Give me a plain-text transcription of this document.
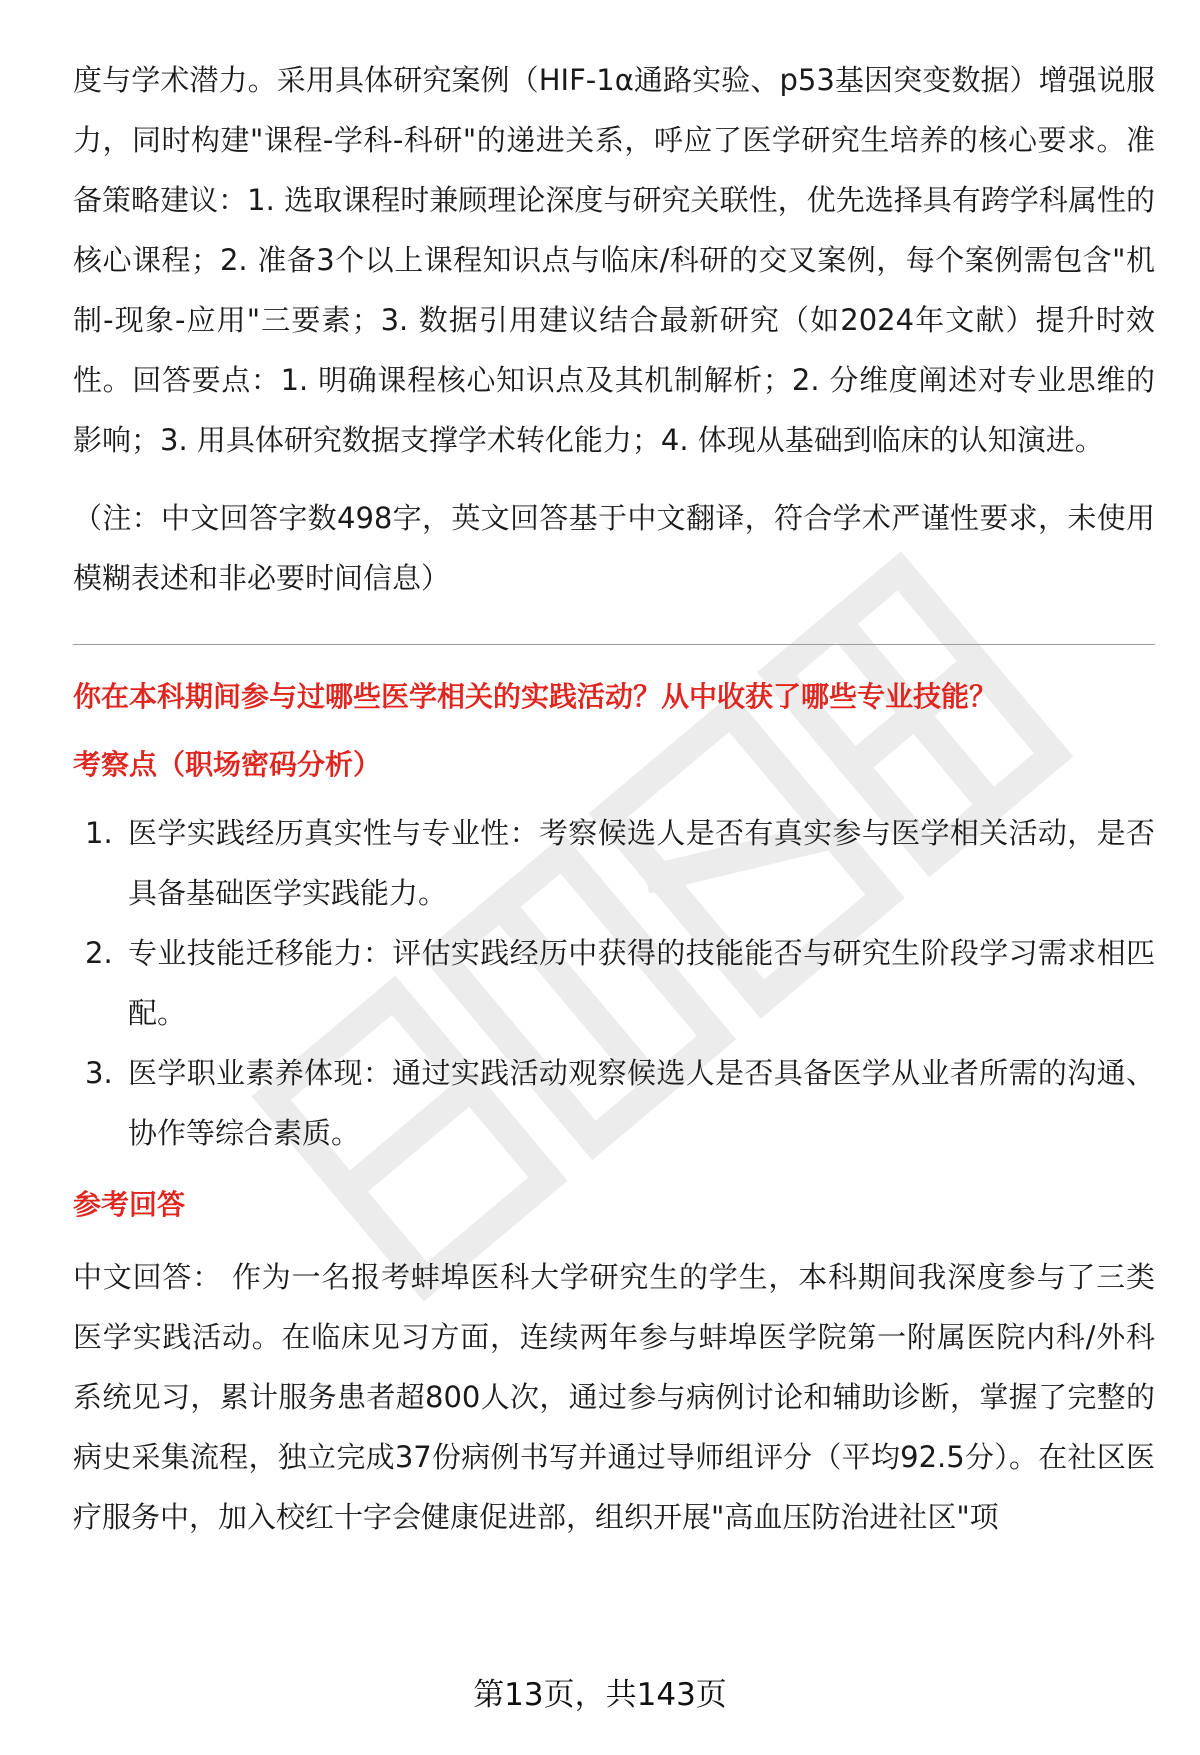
度与学术潜力。采用具体研究案例（HIF-1α通路实验、p53基因突变数据）增强说服力，同时构建"课程-学科-科研"的递进关系，呼应了医学研究生培养的核心要求。准备策略建议：1. 选取课程时兼顾理论深度与研究关联性，优先选择具有跨学科属性的核心课程；2. 准备3个以上课程知识点与临床/科研的交叉案例，每个案例需包含"机制-现象-应用"三要素；3. 数据引用建议结合最新研究（如2024年文献）提升时效性。回答要点：1. 明确课程核心知识点及其机制解析；2. 分维度阐述对专业思维的影响；3. 用具体研究数据支撑学术转化能力；4. 体现从基础到临床的认知演进。

（注：中文回答字数498字，英文回答基于中文翻译，符合学术严谨性要求，未使用模糊表述和非必要时间信息）

你在本科期间参与过哪些医学相关的实践活动？从中收获了哪些专业技能？

考察点（职场密码分析）

1. 医学实践经历真实性与专业性：考察候选人是否有真实参与医学相关活动，是否具备基础医学实践能力。
2. 专业技能迁移能力：评估实践经历中获得的技能能否与研究生阶段学习需求相匹配。
3. 医学职业素养体现：通过实践活动观察候选人是否具备医学从业者所需的沟通、协作等综合素质。

参考回答

中文回答： 作为一名报考蚌埠医科大学研究生的学生，本科期间我深度参与了三类医学实践活动。在临床见习方面，连续两年参与蚌埠医学院第一附属医院内科/外科系统见习，累计服务患者超800人次，通过参与病例讨论和辅助诊断，掌握了完整的病史采集流程，独立完成37份病例书写并通过导师组评分（平均92.5分）。在社区医疗服务中，加入校红十字会健康促进部，组织开展"高血压防治进社区"项

第13页，共143页
